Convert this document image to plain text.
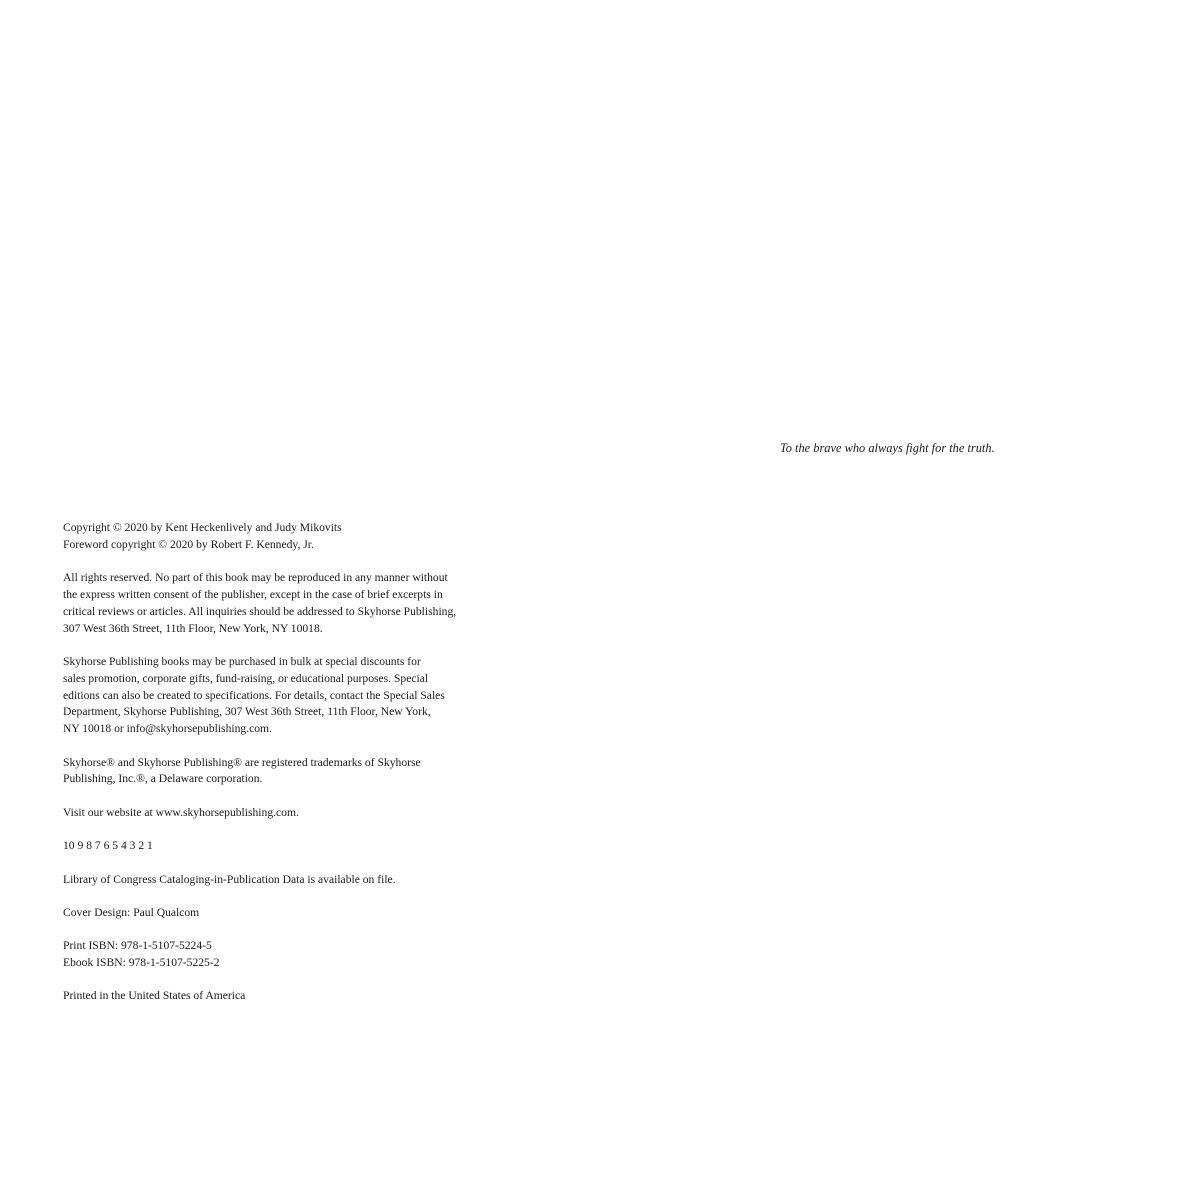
Copyright © 2020 by Kent Heckenlively and Judy Mikovits
Foreword copyright © 2020 by Robert F. Kennedy, Jr.
All rights reserved. No part of this book may be reproduced in any manner without
the express written consent of the publisher, except in the case of brief excerpts in
critical reviews or articles. All inquiries should be addressed to Skyhorse Publishing,
307 West 36th Street, 11th Floor, New York, NY 10018.
Skyhorse Publishing books may be purchased in bulk at special discounts for
sales promotion, corporate gifts, fund-raising, or educational purposes. Special
editions can also be created to specifications. For details, contact the Special Sales
Department, Skyhorse Publishing, 307 West 36th Street, 11th Floor, New York,
NY 10018 or info@skyhorsepublishing.com.
Skyhorse® and Skyhorse Publishing® are registered trademarks of Skyhorse
Publishing, Inc.®, a Delaware corporation.
Visit our website at www.skyhorsepublishing.com.
10 9 8 7 6 5 4 3 2 1
Library of Congress Cataloging-in-Publication Data is available on file.
Cover Design: Paul Qualcom
Print ISBN: 978-1-5107-5224-5
Ebook ISBN: 978-1-5107-5225-2
Printed in the United States of America
To the brave who always fight for the truth.
